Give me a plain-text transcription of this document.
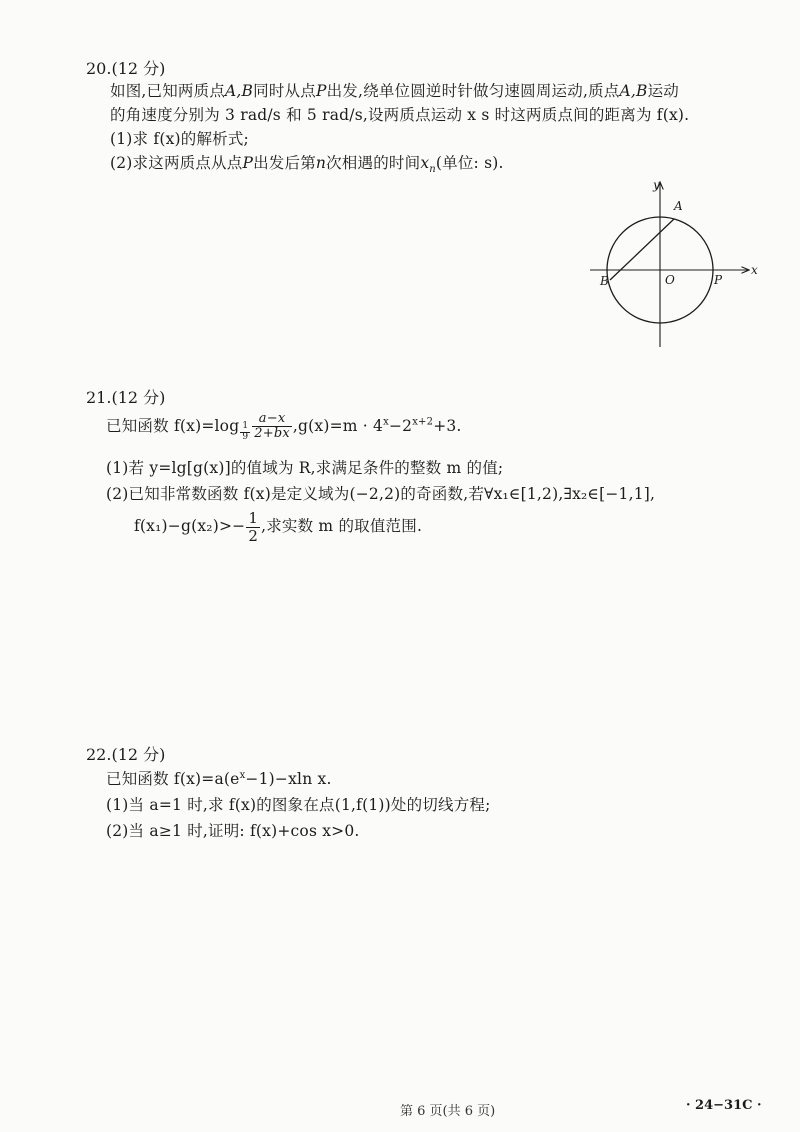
20.(12 分)
如图,已知两质点A,B同时从点P出发,绕单位圆逆时针做匀速圆周运动,质点A,B运动
的角速度分别为 3 rad/s 和 5 rad/s,设两质点运动 x s 时这两质点间的距离为 f(x).
(1)求 f(x)的解析式;
(2)求这两质点从点P出发后第n次相遇的时间$x_n$(单位: s).
y
x
A
B	O	P
21.(12 分)
已知函数 $f(x)=\log \frac{1}{9} \frac{a-x}{2+bx} ,g(x)=m \cdot 4^x-2^{x+2}+3$.
(1)若 y=lg[g(x)]的值域为 R,求满足条件的整数 m 的值;
(2)已知非常数函数 f(x)是定义域为(−2,2)的奇函数,若∀x₁∈[1,2),∃x₂∈[−1,1],
$f(x_1)-g(x_2)>- \frac{1}{2}$ ,求实数 m 的取值范围.
22.(12 分)
已知函数 $f(x)=a(e^x-1)-xln$ x.
(1)当 a=1 时,求 f(x)的图象在点(1,f(1))处的切线方程;
(2)当 a≥1 时,证明: f(x)+cos x>0.
第 6 页(共 6 页)	· 24−31C ·
